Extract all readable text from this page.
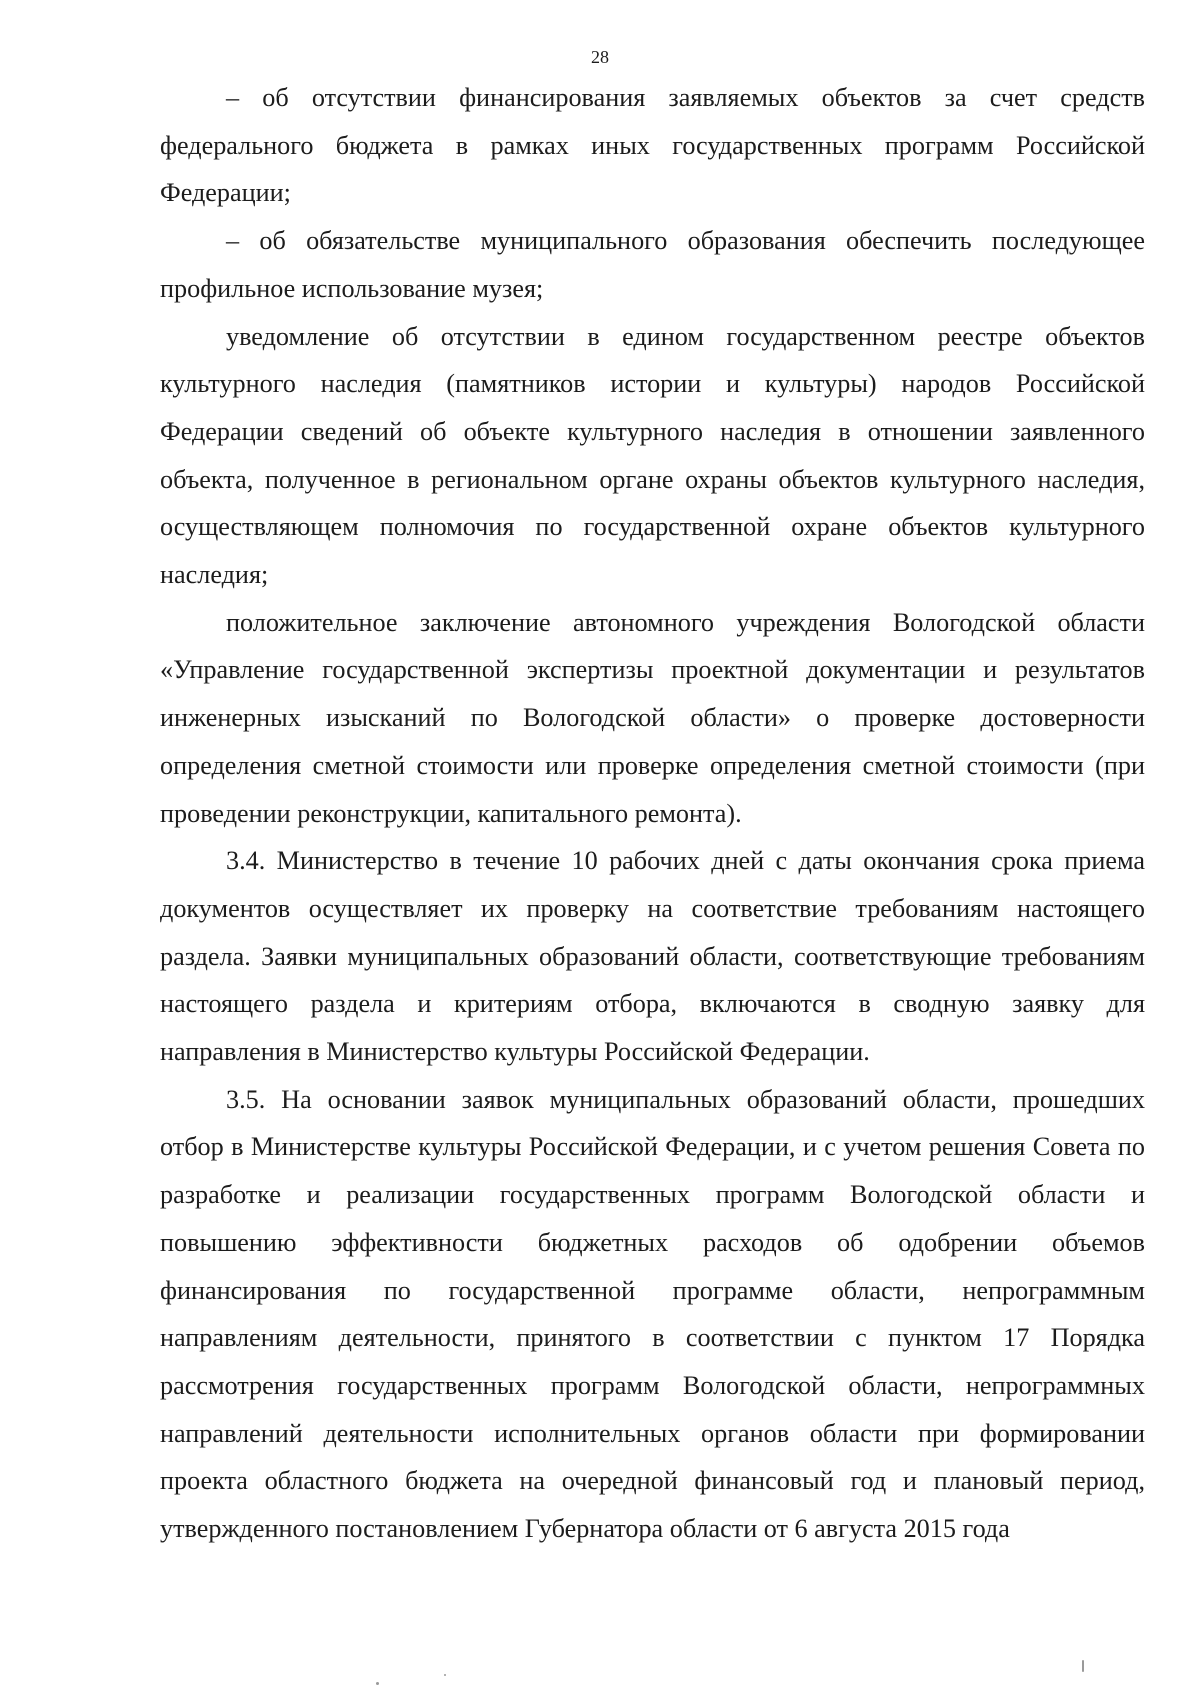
28

– об отсутствии финансирования заявляемых объектов за счет средств федерального бюджета в рамках иных государственных программ Российской Федерации;

– об обязательстве муниципального образования обеспечить последующее профильное использование музея;

уведомление об отсутствии в едином государственном реестре объектов культурного наследия (памятников истории и культуры) народов Российской Федерации сведений об объекте культурного наследия в отношении заявленного объекта, полученное в региональном органе охраны объектов культурного наследия, осуществляющем полномочия по государственной охране объектов культурного наследия;

положительное заключение автономного учреждения Вологодской области «Управление государственной экспертизы проектной документации и результатов инженерных изысканий по Вологодской области» о проверке достоверности определения сметной стоимости или проверке определения сметной стоимости (при проведении реконструкции, капитального ремонта).

3.4. Министерство в течение 10 рабочих дней с даты окончания срока приема документов осуществляет их проверку на соответствие требованиям настоящего раздела. Заявки муниципальных образований области, соответствующие требованиям настоящего раздела и критериям отбора, включаются в сводную заявку для направления в Министерство культуры Российской Федерации.

3.5. На основании заявок муниципальных образований области, прошедших отбор в Министерстве культуры Российской Федерации, и с учетом решения Совета по разработке и реализации государственных программ Вологодской области и повышению эффективности бюджетных расходов об одобрении объемов финансирования по государственной программе области, непрограммным направлениям деятельности, принятого в соответствии с пунктом 17 Порядка рассмотрения государственных программ Вологодской области, непрограммных направлений деятельности исполнительных органов области при формировании проекта областного бюджета на очередной финансовый год и плановый период, утвержденного постановлением Губернатора области от 6 августа 2015 года
